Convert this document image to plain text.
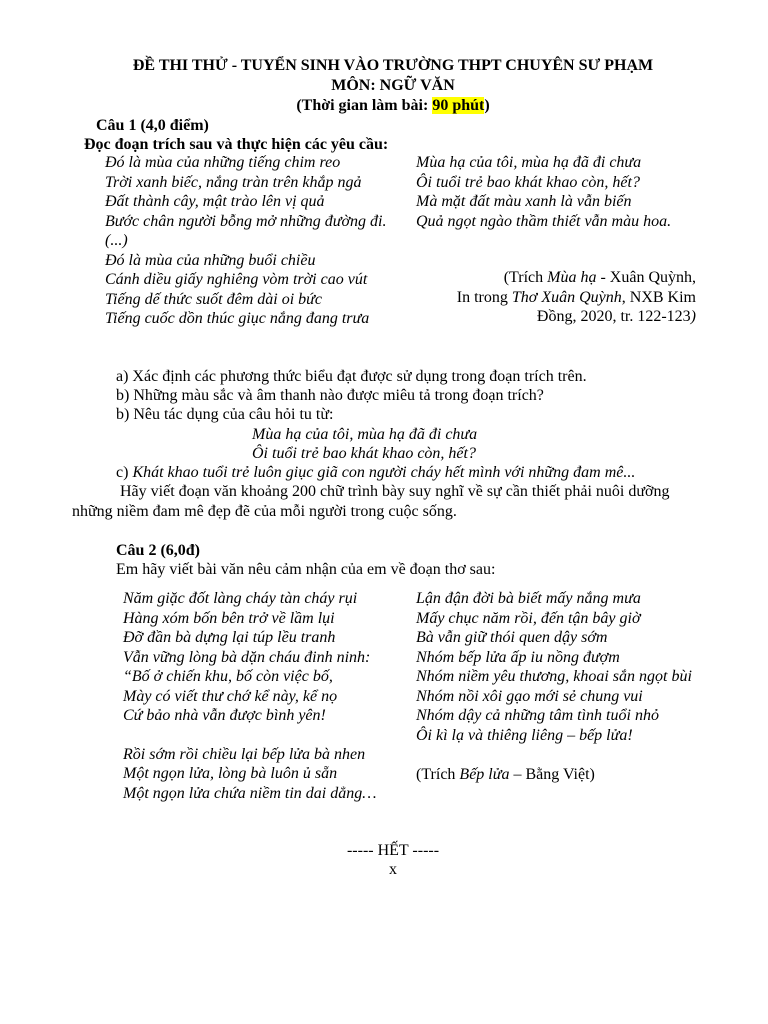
ĐỀ THI THỬ - TUYỂN SINH VÀO TRƯỜNG THPT CHUYÊN SƯ PHẠM
MÔN: NGỮ VĂN
(Thời gian làm bài: 90 phút)
Câu 1 (4,0 điểm)
Đọc đoạn trích sau và thực hiện các yêu cầu:
Đó là mùa của những tiếng chim reo
Trời xanh biếc, nắng tràn trên khắp ngả
Đất thành cây, mật trào lên vị quả
Bước chân người bỗng mở những đường đi.
(...)
Đó là mùa của những buổi chiều
Cánh diều giấy nghiêng vòm trời cao vút
Tiếng dế thức suốt đêm dài oi bức
Tiếng cuốc dồn thúc giục nắng đang trưa
Mùa hạ của tôi, mùa hạ đã đi chưa
Ôi tuổi trẻ bao khát khao còn, hết?
Mà mặt đất màu xanh là vẫn biến
Quả ngọt ngào thầm thiết vẫn màu hoa.
(Trích Mùa hạ - Xuân Quỳnh,
In trong Thơ Xuân Quỳnh, NXB Kim
Đồng, 2020, tr. 122-123)
a) Xác định các phương thức biểu đạt được sử dụng trong đoạn trích trên.
b) Những màu sắc và âm thanh nào được miêu tả trong đoạn trích?
b) Nêu tác dụng của câu hỏi tu từ:
Mùa hạ của tôi, mùa hạ đã đi chưa
Ôi tuổi trẻ bao khát khao còn, hết?
c) Khát khao tuổi trẻ luôn giục giã con người cháy hết mình với những đam mê...
Hãy viết đoạn văn khoảng 200 chữ trình bày suy nghĩ về sự cần thiết phải nuôi dưỡng
những niềm đam mê đẹp đẽ của mỗi người trong cuộc sống.
Câu 2 (6,0đ)
Em hãy viết bài văn nêu cảm nhận của em về đoạn thơ sau:
Năm giặc đốt làng cháy tàn cháy rụi
Hàng xóm bốn bên trở về lầm lụi
Đỡ đần bà dựng lại túp lều tranh
Vẫn vững lòng bà dặn cháu đinh ninh:
“Bố ở chiến khu, bố còn việc bố,
Mày có viết thư chớ kể này, kể nọ
Cứ bảo nhà vẫn được bình yên!
Rồi sớm rồi chiều lại bếp lửa bà nhen
Một ngọn lửa, lòng bà luôn ủ sẵn
Một ngọn lửa chứa niềm tin dai dẳng…
Lận đận đời bà biết mấy nắng mưa
Mấy chục năm rồi, đến tận bây giờ
Bà vẫn giữ thói quen dậy sớm
Nhóm bếp lửa ấp iu nồng đượm
Nhóm niềm yêu thương, khoai sắn ngọt bùi
Nhóm nồi xôi gạo mới sẻ chung vui
Nhóm dậy cả những tâm tình tuổi nhỏ
Ôi kì lạ và thiêng liêng – bếp lửa!
(Trích Bếp lửa – Bằng Việt)
----- HẾT -----
x
